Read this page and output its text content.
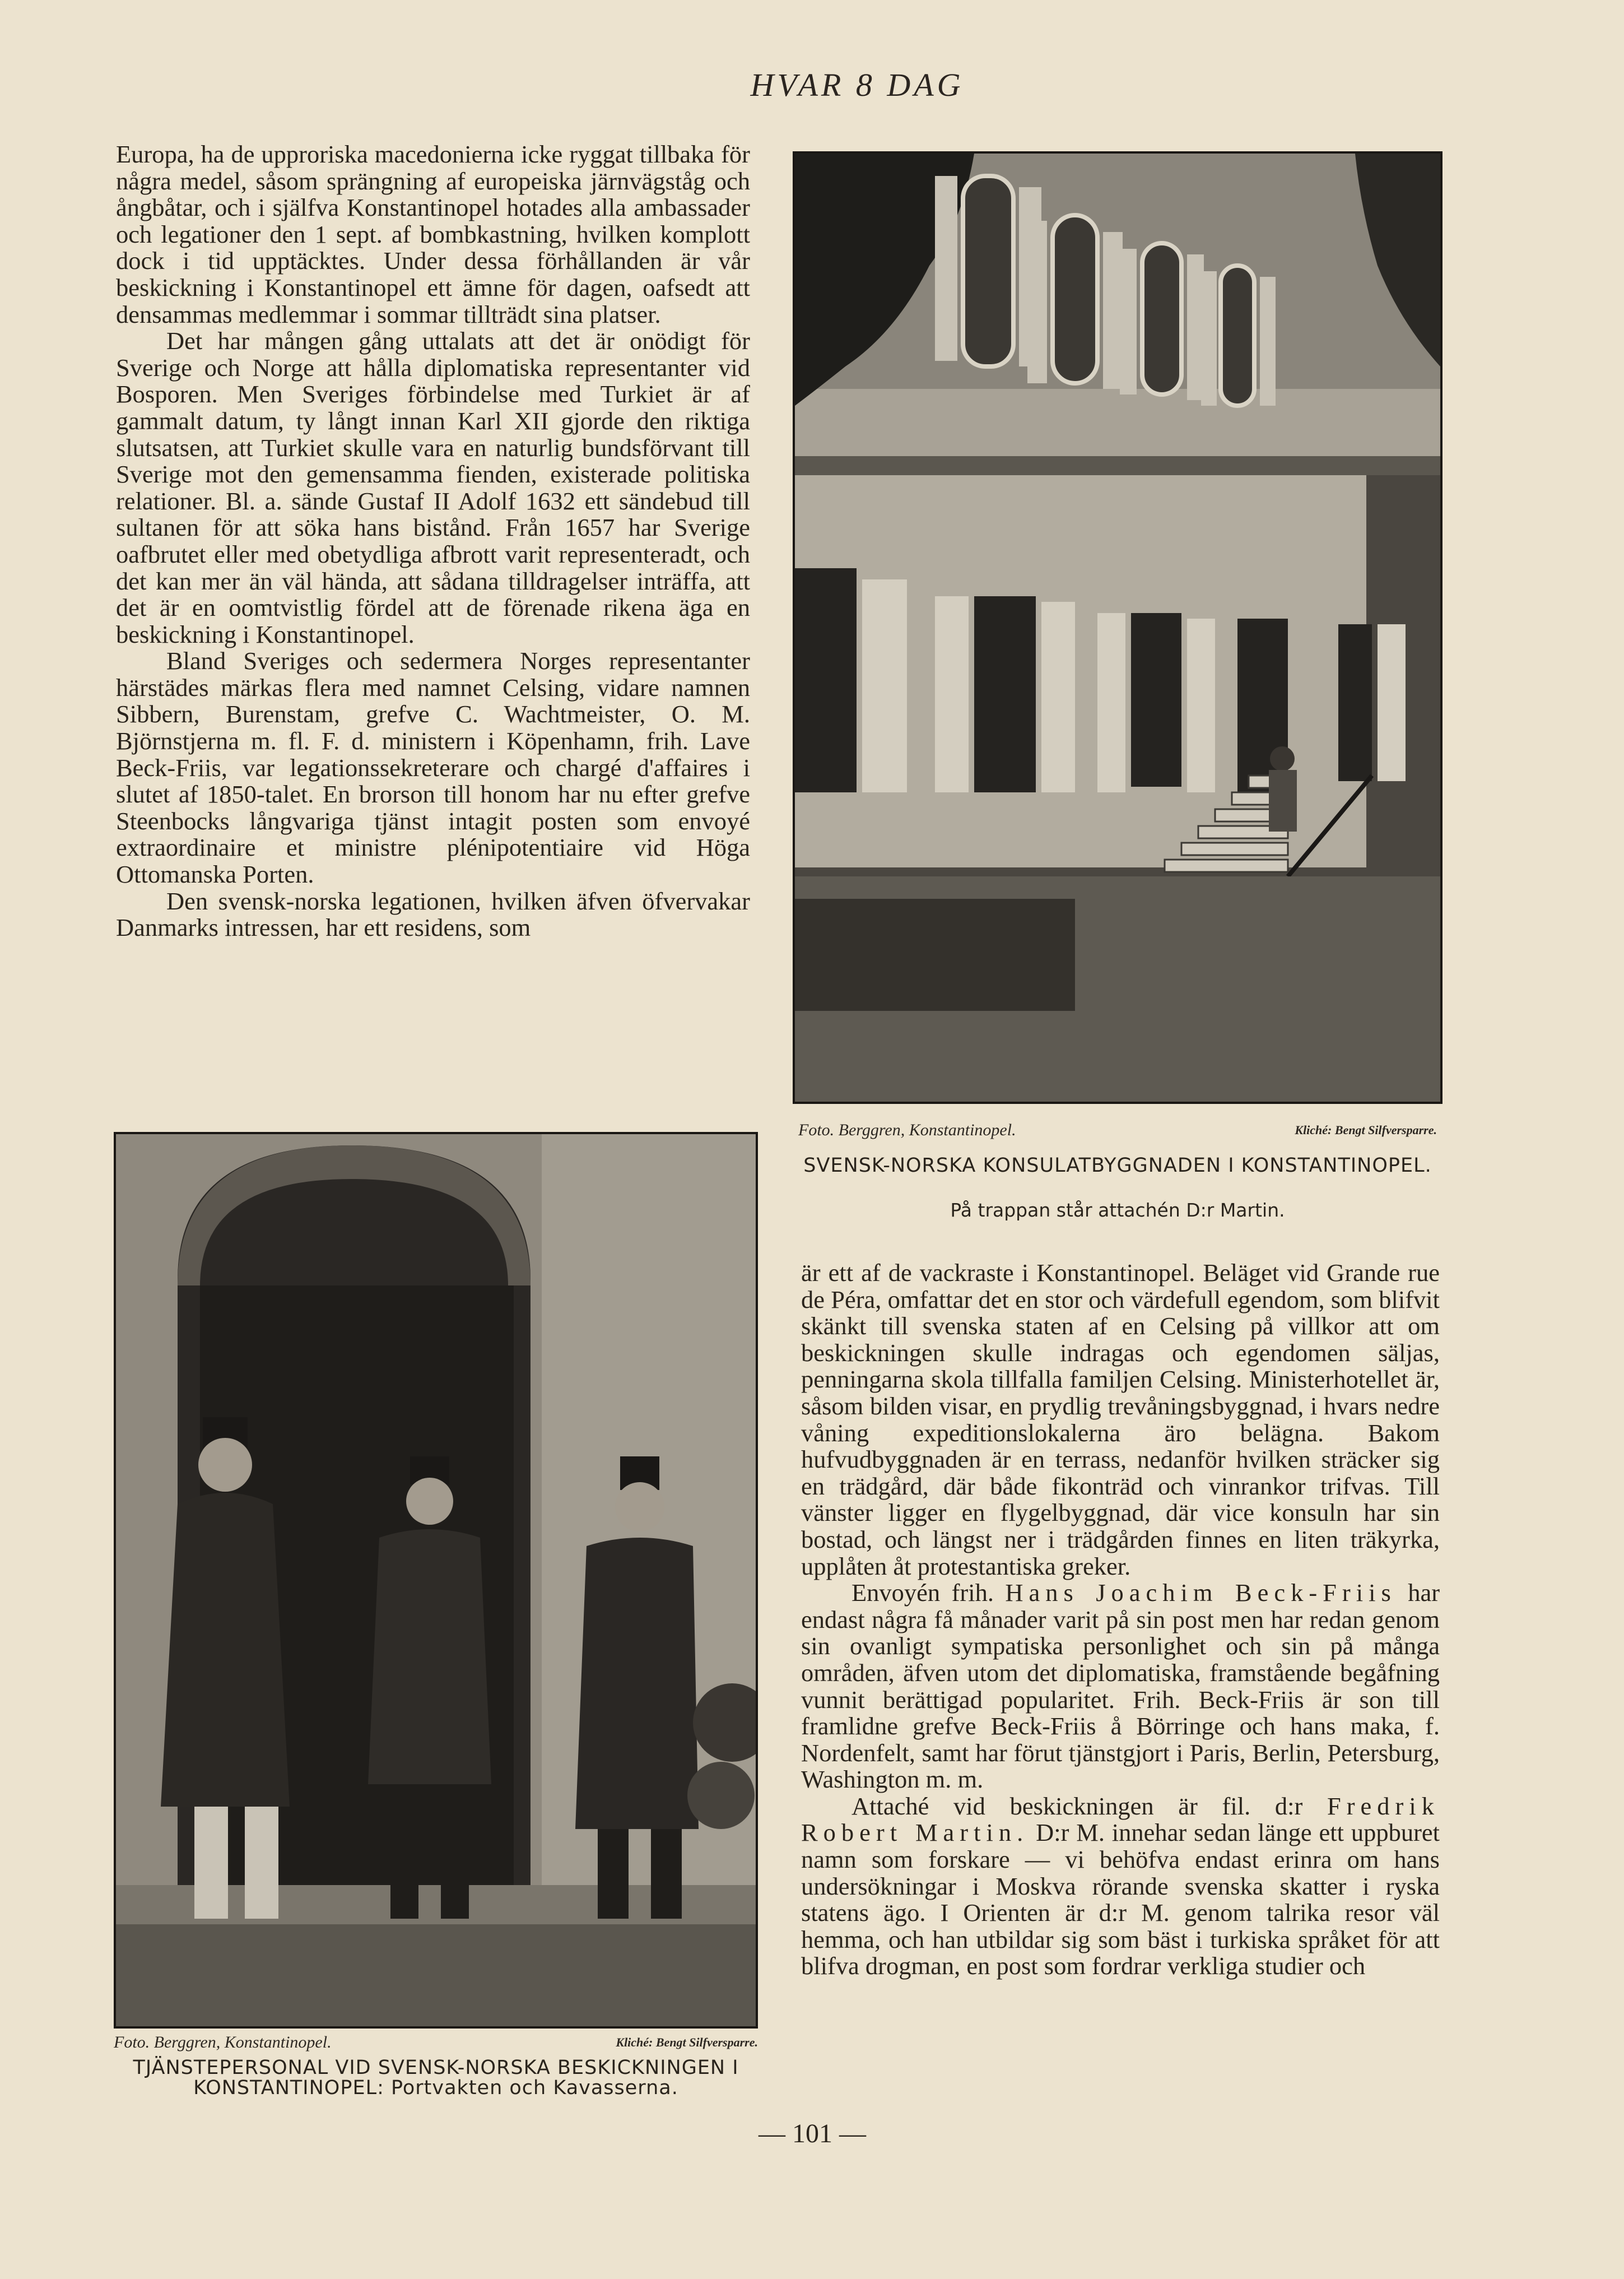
HVAR 8 DAG

Europa, ha de upproriska macedonierna icke ryggat tillbaka för några medel, såsom sprängning af europeiska järnvägståg och ångbåtar, och i själfva Konstantinopel hotades alla ambassader och legationer den 1 sept. af bombkastning, hvilken komplott dock i tid upptäcktes. Under dessa förhållanden är vår beskickning i Konstantinopel ett ämne för dagen, oafsedt att densammas medlemmar i sommar tillträdt sina platser.

Det har mången gång uttalats att det är onödigt för Sverige och Norge att hålla diplomatiska representanter vid Bosporen. Men Sveriges förbindelse med Turkiet är af gammalt datum, ty långt innan Karl XII gjorde den riktiga slutsatsen, att Turkiet skulle vara en naturlig bundsförvant till Sverige mot den gemensamma fienden, existerade politiska relationer. Bl. a. sände Gustaf II Adolf 1632 ett sändebud till sultanen för att söka hans bistånd. Från 1657 har Sverige oafbrutet eller med obetydliga afbrott varit representeradt, och det kan mer än väl hända, att sådana tilldragelser inträffa, att det är en oomtvistlig fördel att de förenade rikena äga en beskickning i Konstantinopel.

Bland Sveriges och sedermera Norges representanter härstädes märkas flera med namnet Celsing, vidare namnen Sibbern, Burenstam, grefve C. Wachtmeister, O. M. Björnstjerna m. fl. F. d. ministern i Köpenhamn, frih. Lave Beck-Friis, var legationssekreterare och chargé d'affaires i slutet af 1850-talet. En brorson till honom har nu efter grefve Steenbocks långvariga tjänst intagit posten som envoyé extraordinaire et ministre plénipotentiaire vid Höga Ottomanska Porten.

Den svensk-norska legationen, hvilken äfven öfvervakar Danmarks intressen, har ett residens, som

Foto. Berggren, Konstantinopel.	Kliché: Bengt Silfversparre.
SVENSK-NORSKA KONSULATBYGGNADEN I KONSTANTINOPEL.
På trappan står attachén D:r Martin.
Foto. Berggren, Konstantinopel.	Kliché: Bengt Silfversparre.
TJÄNSTEPERSONAL VID SVENSK-NORSKA BESKICKNINGEN I KONSTANTINOPEL: Portvakten och Kavasserna.

är ett af de vackraste i Konstantinopel. Beläget vid Grande rue de Péra, omfattar det en stor och värdefull egendom, som blifvit skänkt till svenska staten af en Celsing på villkor att om beskickningen skulle indragas och egendomen säljas, penningarna skola tillfalla familjen Celsing. Ministerhotellet är, såsom bilden visar, en prydlig trevåningsbyggnad, i hvars nedre våning expeditionslokalerna äro belägna. Bakom hufvudbyggnaden är en terrass, nedanför hvilken sträcker sig en trädgård, där både fikonträd och vinrankor trifvas. Till vänster ligger en flygelbyggnad, där vice konsuln har sin bostad, och längst ner i trädgården finnes en liten träkyrka, upplåten åt protestantiska greker.

Envoyén frih. Hans Joachim Beck-Friis har endast några få månader varit på sin post men har redan genom sin ovanligt sympatiska personlighet och sin på många områden, äfven utom det diplomatiska, framstående begåfning vunnit berättigad popularitet. Frih. Beck-Friis är son till framlidne grefve Beck-Friis å Börringe och hans maka, f. Nordenfelt, samt har förut tjänstgjort i Paris, Berlin, Petersburg, Washington m. m.

Attaché vid beskickningen är fil. d:r Fredrik Robert Martin. D:r M. innehar sedan länge ett uppburet namn som forskare — vi behöfva endast erinra om hans undersökningar i Moskva rörande svenska skatter i ryska statens ägo. I Orienten är d:r M. genom talrika resor väl hemma, och han utbildar sig som bäst i turkiska språket för att blifva drogman, en post som fordrar verkliga studier och

— 101 —
